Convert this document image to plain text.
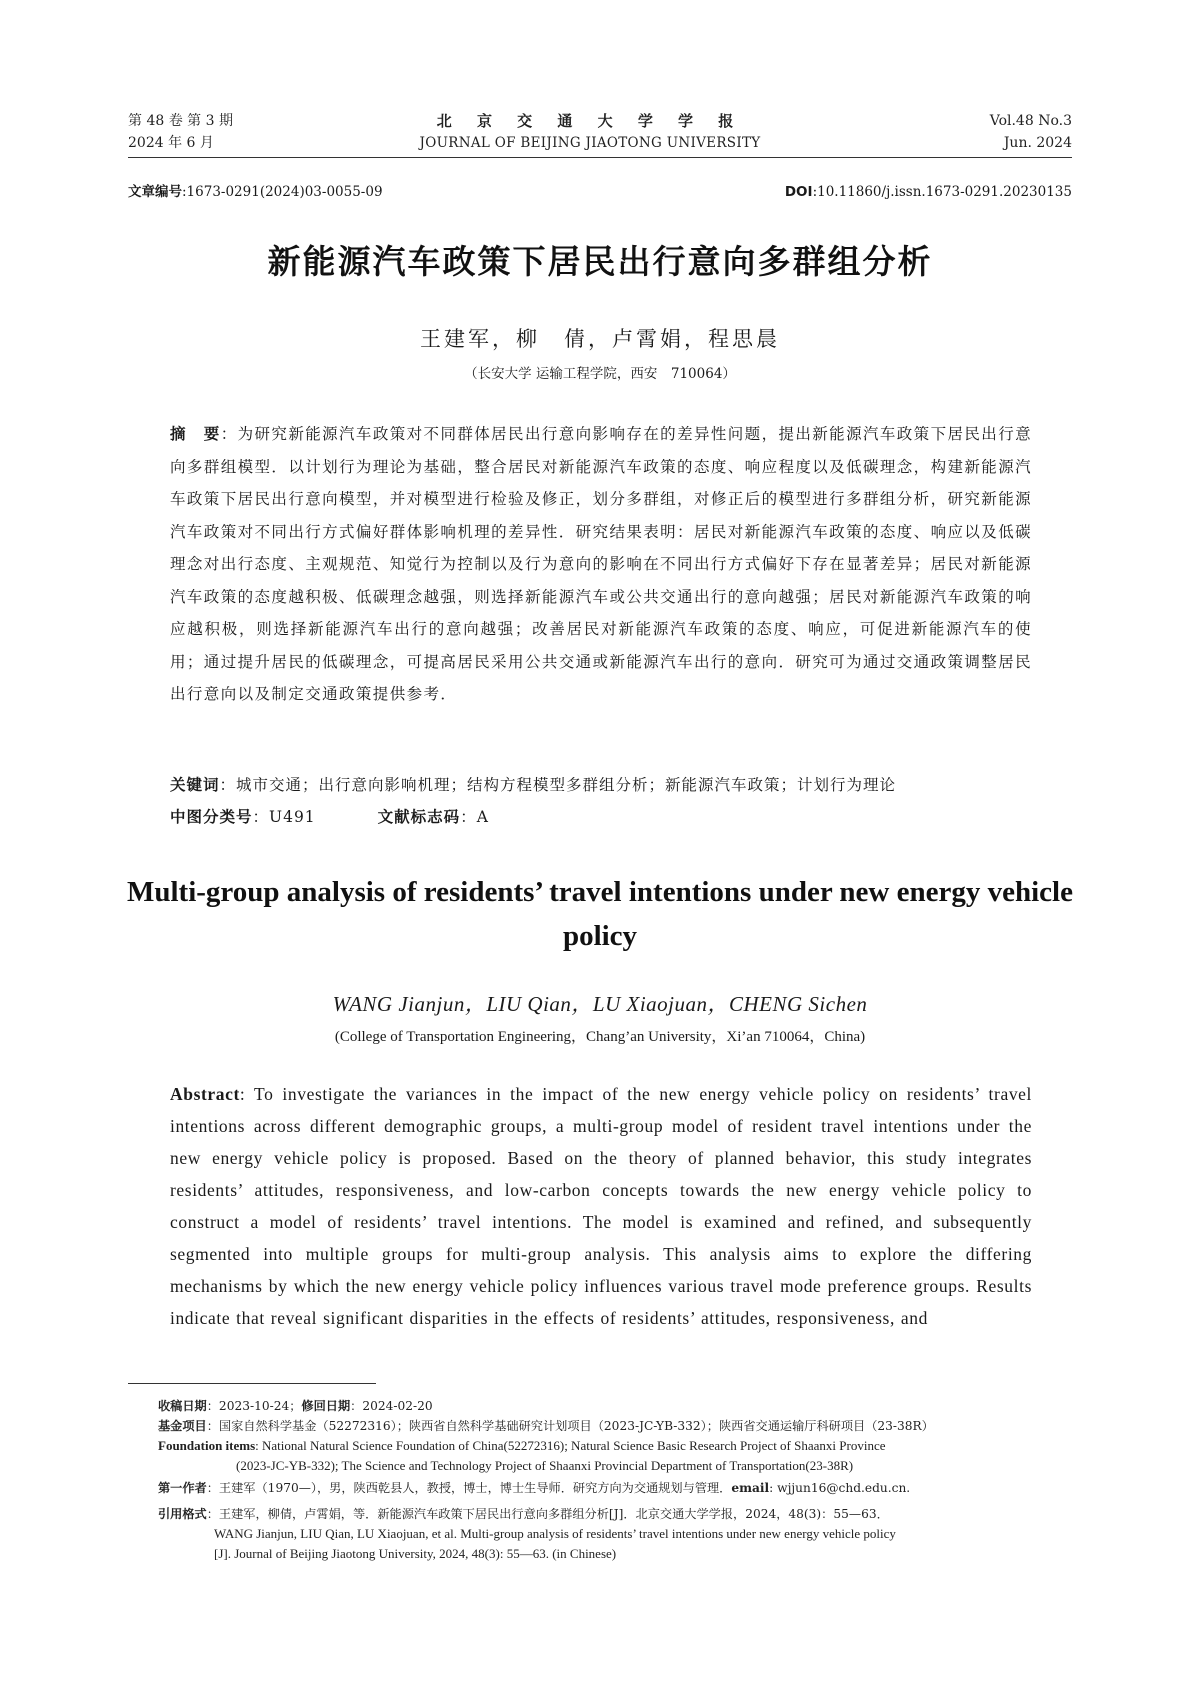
第 48 卷 第 3 期
2024 年 6 月
北 京 交 通 大 学 学 报
JOURNAL OF BEIJING JIAOTONG UNIVERSITY
Vol.48 No.3
Jun. 2024
文章编号:1673-0291(2024)03-0055-09	DOI:10.11860/j.issn.1673-0291.20230135
新能源汽车政策下居民出行意向多群组分析
王建军，柳　倩，卢霄娟，程思晨
（长安大学 运输工程学院，西安　710064）
摘　要：为研究新能源汽车政策对不同群体居民出行意向影响存在的差异性问题，提出新能源汽车政策下居民出行意向多群组模型．以计划行为理论为基础，整合居民对新能源汽车政策的态度、响应程度以及低碳理念，构建新能源汽车政策下居民出行意向模型，并对模型进行检验及修正，划分多群组，对修正后的模型进行多群组分析，研究新能源汽车政策对不同出行方式偏好群体影响机理的差异性．研究结果表明：居民对新能源汽车政策的态度、响应以及低碳理念对出行态度、主观规范、知觉行为控制以及行为意向的影响在不同出行方式偏好下存在显著差异；居民对新能源汽车政策的态度越积极、低碳理念越强，则选择新能源汽车或公共交通出行的意向越强；居民对新能源汽车政策的响应越积极，则选择新能源汽车出行的意向越强；改善居民对新能源汽车政策的态度、响应，可促进新能源汽车的使用；通过提升居民的低碳理念，可提高居民采用公共交通或新能源汽车出行的意向．研究可为通过交通政策调整居民出行意向以及制定交通政策提供参考．
关键词：城市交通；出行意向影响机理；结构方程模型多群组分析；新能源汽车政策；计划行为理论
中图分类号：U491	文献标志码：A
Multi-group analysis of residents’ travel intentions under new energy vehicle policy
WANG Jianjun，LIU Qian，LU Xiaojuan，CHENG Sichen
(College of Transportation Engineering，Chang’an University，Xi’an 710064，China)
Abstract: To investigate the variances in the impact of the new energy vehicle policy on residents’ travel intentions across different demographic groups, a multi-group model of resident travel intentions under the new energy vehicle policy is proposed. Based on the theory of planned behavior, this study integrates residents’ attitudes, responsiveness, and low-carbon concepts towards the new energy vehicle policy to construct a model of residents’ travel intentions. The model is examined and refined, and subsequently segmented into multiple groups for multi-group analysis. This analysis aims to explore the differing mechanisms by which the new energy vehicle policy influences various travel mode preference groups. Results indicate that reveal significant disparities in the effects of residents’ attitudes, responsiveness, and
收稿日期：2023-10-24；修回日期：2024-02-20
基金项目：国家自然科学基金（52272316）；陕西省自然科学基础研究计划项目（2023-JC-YB-332）；陕西省交通运输厅科研项目（23-38R）
Foundation items: National Natural Science Foundation of China(52272316); Natural Science Basic Research Project of Shaanxi Province
(2023-JC-YB-332); The Science and Technology Project of Shaanxi Provincial Department of Transportation(23-38R)
第一作者：王建军（1970—），男，陕西乾县人，教授，博士，博士生导师．研究方向为交通规划与管理．email: wjjun16@chd.edu.cn.
引用格式：王建军，柳倩，卢霄娟，等．新能源汽车政策下居民出行意向多群组分析[J]．北京交通大学学报，2024，48(3)：55—63．
WANG Jianjun, LIU Qian, LU Xiaojuan, et al. Multi-group analysis of residents’ travel intentions under new energy vehicle policy
[J]. Journal of Beijing Jiaotong University, 2024, 48(3): 55—63. (in Chinese)
